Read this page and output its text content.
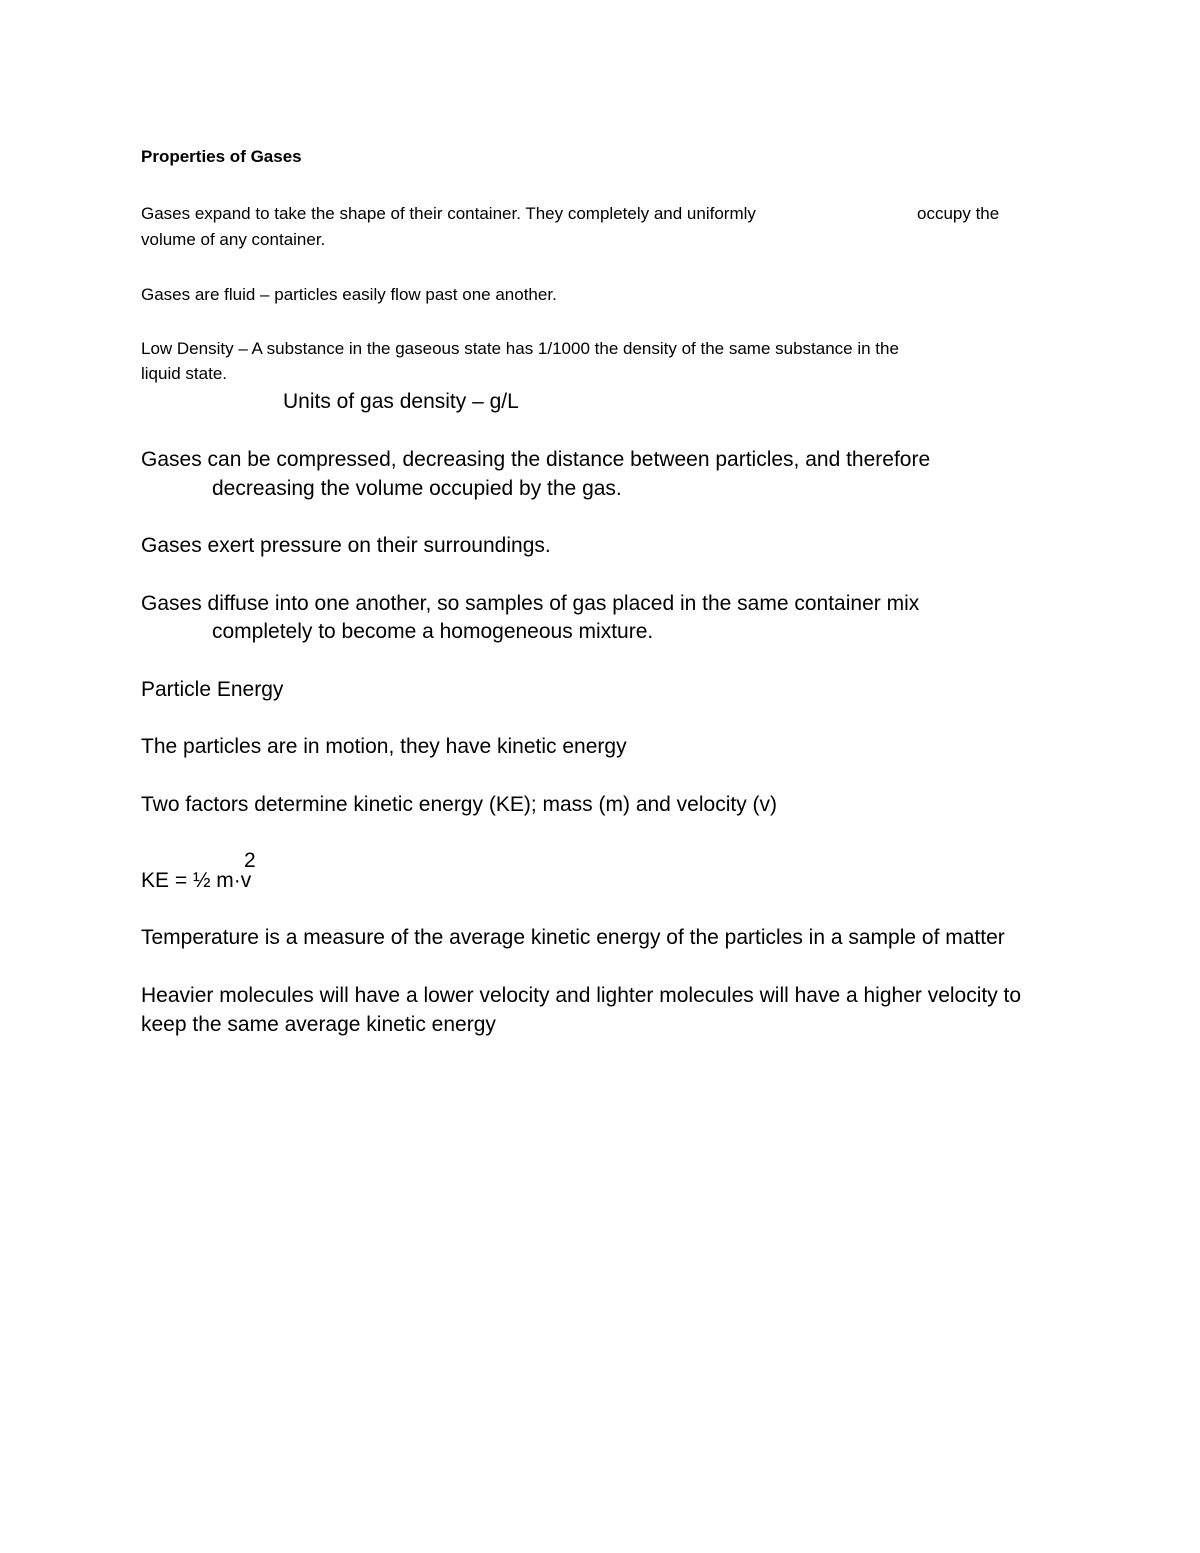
Properties of Gases
Gases expand to take the shape of their container. They completely and uniformly	occupy the
volume of any container.
Gases are fluid – particles easily flow past one another.
Low Density – A substance in the gaseous state has 1/1000 the density of the same substance in the
liquid state.
Units of gas density – g/L
Gases can be compressed, decreasing the distance between particles, and therefore
decreasing the volume occupied by the gas.
Gases exert pressure on their surroundings.
Gases diffuse into one another, so samples of gas placed in the same container mix
completely to become a homogeneous mixture.
Particle Energy
The particles are in motion, they have kinetic energy
Two factors determine kinetic energy (KE); mass (m) and velocity (v)
2
KE = ½ m·v
Temperature is a measure of the average kinetic energy of the particles in a sample of matter
Heavier molecules will have a lower velocity and lighter molecules will have a higher velocity to
keep the same average kinetic energy
